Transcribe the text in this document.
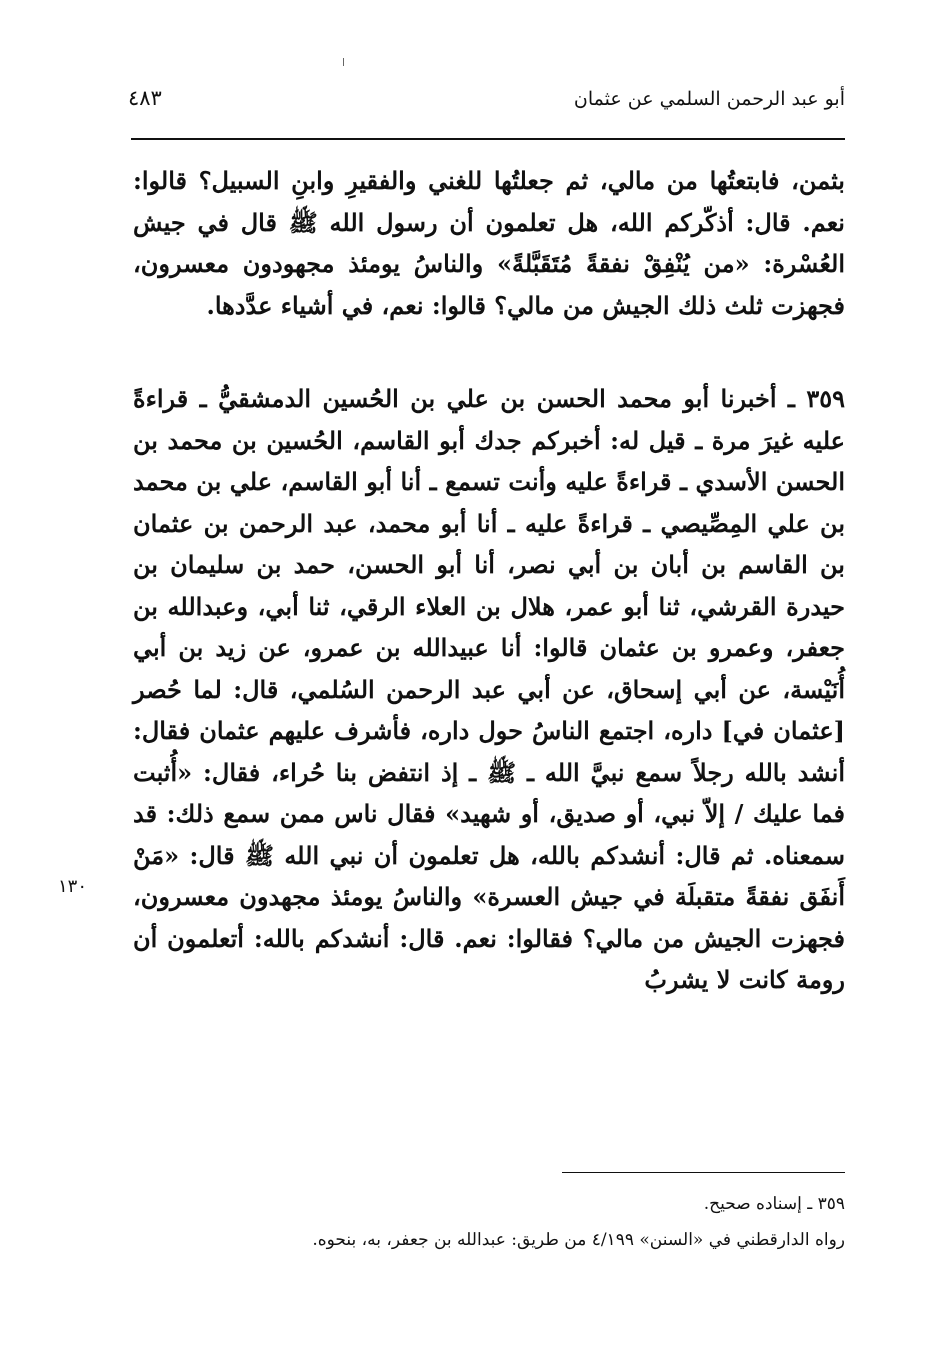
أبو عبد الرحمن السلمي عن عثمان
٤٨٣

بثمن، فابتعتُها من مالي، ثم جعلتُها للغني والفقيرِ وابنِ السبيل؟ قالوا: نعم. قال: أذكّركم الله، هل تعلمون أن رسول الله ﷺ قال في جيش العُسْرة: «من يُنْفِقْ نفقةً مُتَقَبَّلةً» والناسُ يومئذ مجهودون معسرون، فجهزت ثلث ذلك الجيش من مالي؟ قالوا: نعم، في أشياء عدَّدها.

٣٥٩ ـ أخبرنا أبو محمد الحسن بن علي بن الحُسين الدمشقيُّ ـ قراءةً عليه غيرَ مرة ـ قيل له: أخبركم جدك أبو القاسم، الحُسين بن محمد بن الحسن الأسدي ـ قراءةً عليه وأنت تسمع ـ أنا أبو القاسم، علي بن محمد بن علي المِصِّيصي ـ قراءةً عليه ـ أنا أبو محمد، عبد الرحمن بن عثمان بن القاسم بن أبان بن أبي نصر، أنا أبو الحسن، حمد بن سليمان بن حيدرة القرشي، ثنا أبو عمر، هلال بن العلاء الرقي، ثنا أبي، وعبدالله بن جعفر، وعمرو بن عثمان قالوا: أنا عبيدالله بن عمرو، عن زيد بن أبي أُنَيْسة، عن أبي إسحاق، عن أبي عبد الرحمن السُلمي، قال: لما حُصر [عثمان في] داره، اجتمع الناسُ حول داره، فأشرف عليهم عثمان فقال: أنشد بالله رجلاً سمع نبيَّ الله ـ ﷺ ـ إذ انتفض بنا حُراء، فقال: «أُثبت فما عليك / إلاّ نبي، أو صديق، أو شهيد» فقال ناس ممن سمع ذلك: قد سمعناه. ثم قال: أنشدكم بالله، هل تعلمون أن نبي الله ﷺ قال: «مَنْ أَنفَق نفقةً متقبلَة في جيش العسرة» والناسُ يومئذ مجهدون معسرون، فجهزت الجيش من مالي؟ فقالوا: نعم. قال: أنشدكم بالله: أتعلمون أن رومة كانت لا يشربُ

١٣٠

٣٥٩ ـ إسناده صحيح.

رواه الدارقطني في «السنن» ٤/١٩٩ من طريق: عبدالله بن جعفر، به، بنحوه.
